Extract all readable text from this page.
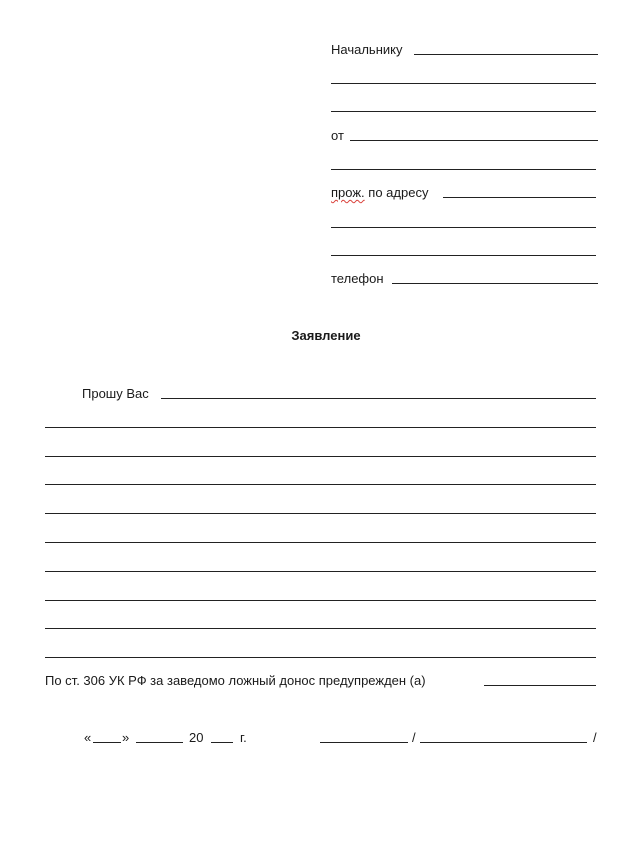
Начальнику
от
прож. по адресу
телефон
Заявление
Прошу Вас
По ст. 306 УК РФ за заведомо ложный донос предупрежден (а)
« »	20	г.	/	/
